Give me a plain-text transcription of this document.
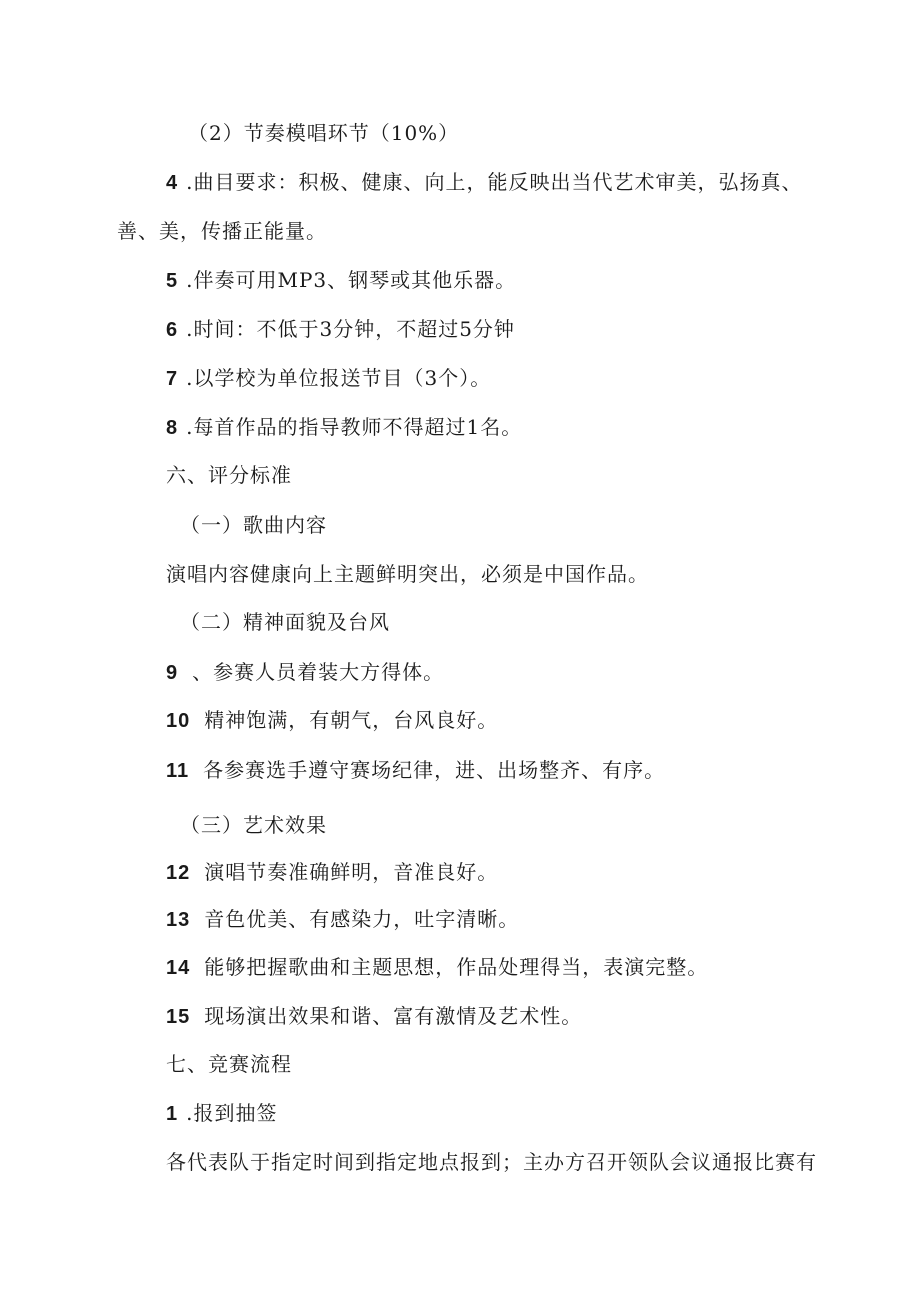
（2）节奏模唱环节（10%）
4 .曲目要求：积极、健康、向上，能反映出当代艺术审美，弘扬真、
善、美，传播正能量。
5 .伴奏可用MP3、钢琴或其他乐器。
6 .时间：不低于3分钟，不超过5分钟
7 .以学校为单位报送节目（3个）。
8 .每首作品的指导教师不得超过1名。
六、评分标准
（一）歌曲内容
演唱内容健康向上主题鲜明突出，必须是中国作品。
（二）精神面貌及台风
9 、参赛人员着装大方得体。
10 精神饱满，有朝气，台风良好。
11 各参赛选手遵守赛场纪律，进、出场整齐、有序。
（三）艺术效果
12 演唱节奏准确鲜明，音准良好。
13 音色优美、有感染力，吐字清晰。
14 能够把握歌曲和主题思想，作品处理得当，表演完整。
15 现场演出效果和谐、富有激情及艺术性。
七、竞赛流程
1 .报到抽签
各代表队于指定时间到指定地点报到；主办方召开领队会议通报比赛有
